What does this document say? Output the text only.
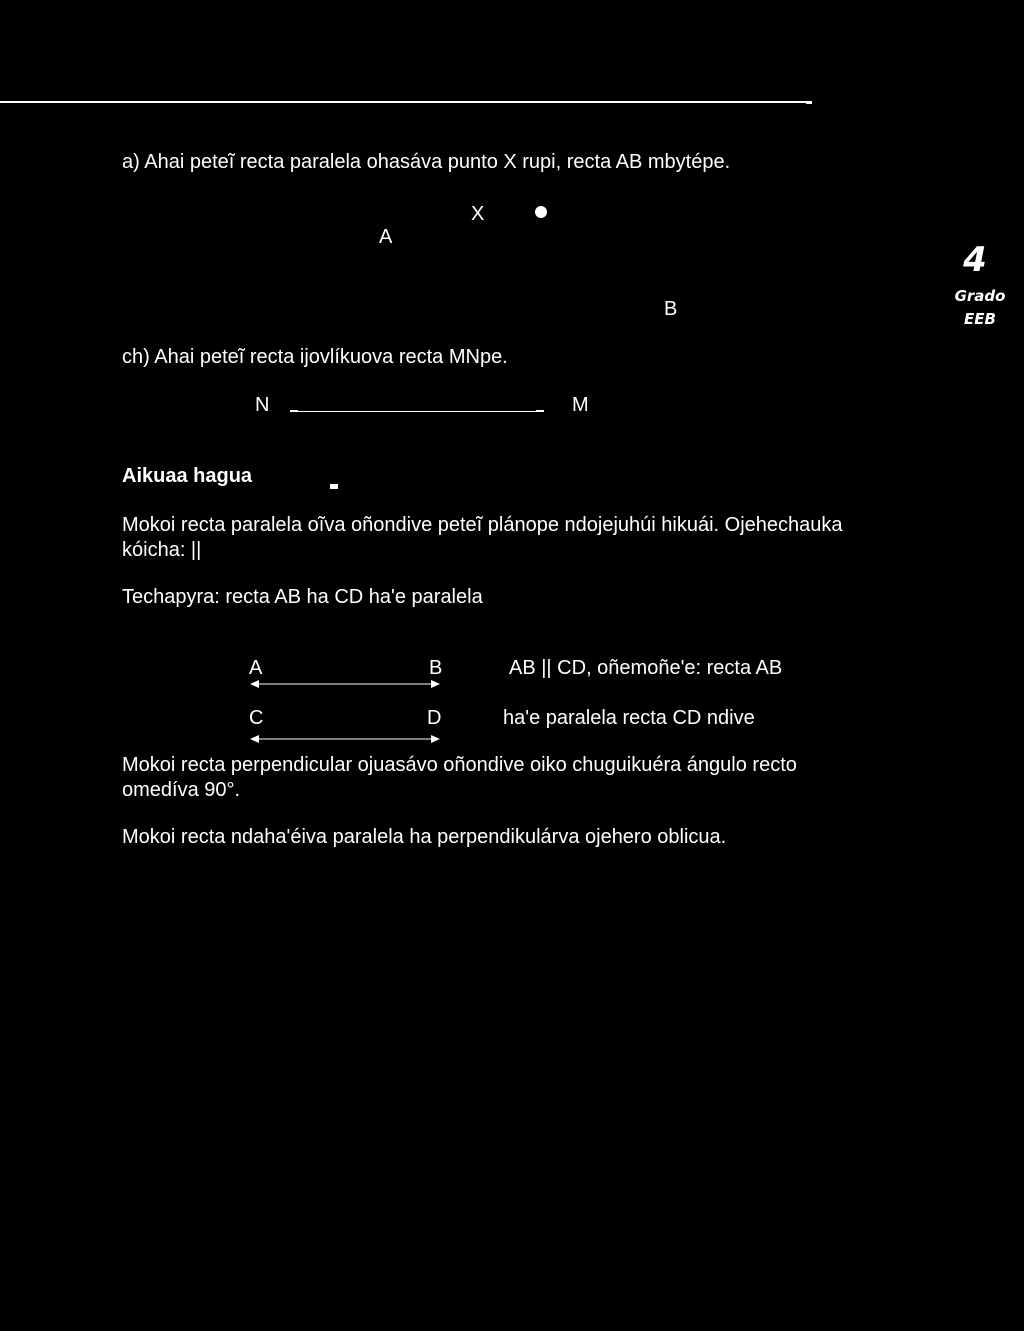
a) Ahai peteĩ recta paralela ohasáva punto X rupi, recta AB mbytépe.
X
A
B
4
Grado
EEB
ch) Ahai peteĩ recta ijovlíkuova recta MNpe.
N	M
Aikuaa hagua
Mokoi recta paralela oĩva oñondive peteĩ plánope ndojejuhúi hikuái. Ojehechauka
kóicha: ||
Techapyra: recta AB ha CD ha'e paralela
A	B	AB || CD, oñemoñe'e: recta AB
C	D	ha'e paralela recta CD ndive
Mokoi recta perpendicular ojuasávo oñondive oiko chuguikuéra ángulo recto
omedíva 90°.
Mokoi recta ndaha'éiva paralela ha perpendikulárva ojehero oblicua.
